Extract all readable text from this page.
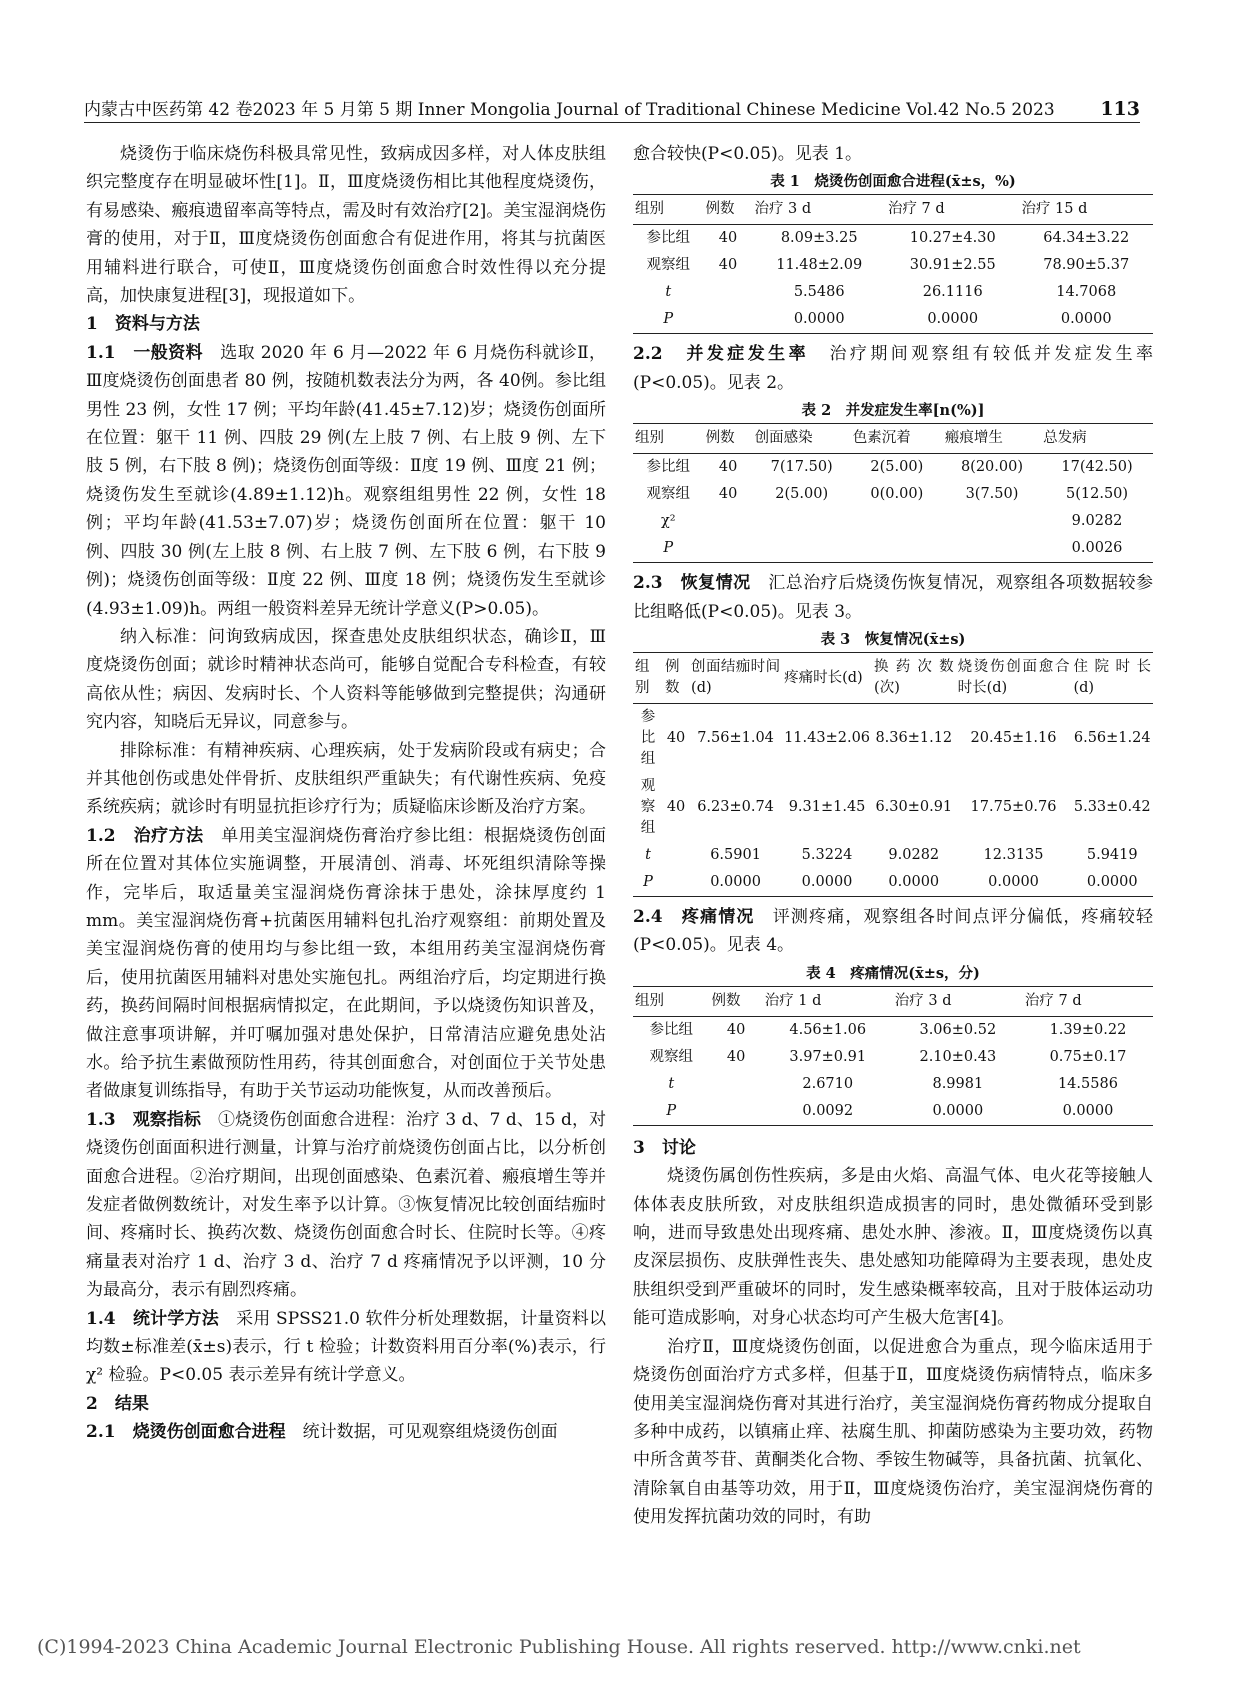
内蒙古中医药第 42 卷2023 年 5 月第 5 期 Inner Mongolia Journal of Traditional Chinese Medicine Vol.42 No.5 2023 113

烧烫伤于临床烧伤科极具常见性，致病成因多样，对人体皮肤组织完整度存在明显破坏性[1]。Ⅱ，Ⅲ度烧烫伤相比其他程度烧烫伤，有易感染、瘢痕遗留率高等特点，需及时有效治疗[2]。美宝湿润烧伤膏的使用，对于Ⅱ，Ⅲ度烧烫伤创面愈合有促进作用，将其与抗菌医用辅料进行联合，可使Ⅱ，Ⅲ度烧烫伤创面愈合时效性得以充分提高，加快康复进程[3]，现报道如下。

1　资料与方法

1.1　一般资料　 选取 2020 年 6 月—2022 年 6 月烧伤科就诊Ⅱ，Ⅲ度烧烫伤创面患者 80 例，按随机数表法分为两，各 40例。参比组男性 23 例，女性 17 例；平均年龄(41.45±7.12)岁；烧烫伤创面所在位置：躯干 11 例、四肢 29 例(左上肢 7 例、右上肢 9 例、左下肢 5 例，右下肢 8 例)；烧烫伤创面等级：Ⅱ度 19 例、Ⅲ度 21 例；烧烫伤发生至就诊(4.89±1.12)h。观察组组男性 22 例，女性 18 例；平均年龄(41.53±7.07)岁；烧烫伤创面所在位置：躯干 10 例、四肢 30 例(左上肢 8 例、右上肢 7 例、左下肢 6 例，右下肢 9 例)；烧烫伤创面等级：Ⅱ度 22 例、Ⅲ度 18 例；烧烫伤发生至就诊(4.93±1.09)h。两组一般资料差异无统计学意义(P>0.05)。

纳入标准：问询致病成因，探查患处皮肤组织状态，确诊Ⅱ，Ⅲ度烧烫伤创面；就诊时精神状态尚可，能够自觉配合专科检查，有较高依从性；病因、发病时长、个人资料等能够做到完整提供；沟通研究内容，知晓后无异议，同意参与。

排除标准：有精神疾病、心理疾病，处于发病阶段或有病史；合并其他创伤或患处伴骨折、皮肤组织严重缺失；有代谢性疾病、免疫系统疾病；就诊时有明显抗拒诊疗行为；质疑临床诊断及治疗方案。

1.2　治疗方法　 单用美宝湿润烧伤膏治疗参比组：根据烧烫伤创面所在位置对其体位实施调整，开展清创、消毒、坏死组织清除等操作，完毕后，取适量美宝湿润烧伤膏涂抹于患处，涂抹厚度约 1 mm。美宝湿润烧伤膏+抗菌医用辅料包扎治疗观察组：前期处置及美宝湿润烧伤膏的使用均与参比组一致，本组用药美宝湿润烧伤膏后，使用抗菌医用辅料对患处实施包扎。两组治疗后，均定期进行换药，换药间隔时间根据病情拟定，在此期间，予以烧烫伤知识普及，做注意事项讲解，并叮嘱加强对患处保护，日常清洁应避免患处沾水。给予抗生素做预防性用药，待其创面愈合，对创面位于关节处患者做康复训练指导，有助于关节运动功能恢复，从而改善预后。

1.3　观察指标　 ①烧烫伤创面愈合进程：治疗 3 d、7 d、15 d，对烧烫伤创面面积进行测量，计算与治疗前烧烫伤创面占比，以分析创面愈合进程。②治疗期间，出现创面感染、色素沉着、瘢痕增生等并发症者做例数统计，对发生率予以计算。③恢复情况比较创面结痂时间、疼痛时长、换药次数、烧烫伤创面愈合时长、住院时长等。④疼痛量表对治疗 1 d、治疗 3 d、治疗 7 d 疼痛情况予以评测，10 分为最高分，表示有剧烈疼痛。

1.4　统计学方法　 采用 SPSS21.0 软件分析处理数据，计量资料以均数±标准差(x̄±s)表示，行 t 检验；计数资料用百分率(%)表示，行 χ² 检验。P<0.05 表示差异有统计学意义。

2　结果

2.1　烧烫伤创面愈合进程　 统计数据，可见观察组烧烫伤创面

愈合较快(P<0.05)。见表 1。

表 1　烧烫伤创面愈合进程(x̄±s，%)

组别	例数	治疗 3 d	治疗 7 d	治疗 15 d
参比组	40	8.09±3.25	10.27±4.30	64.34±3.22
观察组	40	11.48±2.09	30.91±2.55	78.90±5.37
t		5.5486	26.1116	14.7068
P		0.0000	0.0000	0.0000

2.2　并发症发生率　 治疗期间观察组有较低并发症发生率(P<0.05)。见表 2。

表 2　并发症发生率[n(%)]

组别	例数	创面感染	色素沉着	瘢痕增生	总发病
参比组	40	7(17.50)	2(5.00)	8(20.00)	17(42.50)
观察组	40	2(5.00)	0(0.00)	3(7.50)	5(12.50)
χ²					9.0282
P					0.0026

2.3　恢复情况　 汇总治疗后烧烫伤恢复情况，观察组各项数据较参比组略低(P<0.05)。见表 3。

表 3　恢复情况(x̄±s)

组别	例数	创面结痂时间(d)	疼痛时长(d)	换药次数(次)	烧烫伤创面愈合时长(d)	住院时长(d)
参比组	40	7.56±1.04	11.43±2.06	8.36±1.12	20.45±1.16	6.56±1.24
观察组	40	6.23±0.74	9.31±1.45	6.30±0.91	17.75±0.76	5.33±0.42
t		6.5901	5.3224	9.0282	12.3135	5.9419
P		0.0000	0.0000	0.0000	0.0000	0.0000

2.4　疼痛情况　 评测疼痛，观察组各时间点评分偏低，疼痛较轻(P<0.05)。见表 4。

表 4　疼痛情况(x̄±s，分)

组别	例数	治疗 1 d	治疗 3 d	治疗 7 d
参比组	40	4.56±1.06	3.06±0.52	1.39±0.22
观察组	40	3.97±0.91	2.10±0.43	0.75±0.17
t		2.6710	8.9981	14.5586
P		0.0092	0.0000	0.0000

3　讨论

烧烫伤属创伤性疾病，多是由火焰、高温气体、电火花等接触人体体表皮肤所致，对皮肤组织造成损害的同时，患处微循环受到影响，进而导致患处出现疼痛、患处水肿、渗液。Ⅱ，Ⅲ度烧烫伤以真皮深层损伤、皮肤弹性丧失、患处感知功能障碍为主要表现，患处皮肤组织受到严重破坏的同时，发生感染概率较高，且对于肢体运动功能可造成影响，对身心状态均可产生极大危害[4]。

治疗Ⅱ，Ⅲ度烧烫伤创面，以促进愈合为重点，现今临床适用于烧烫伤创面治疗方式多样，但基于Ⅱ，Ⅲ度烧烫伤病情特点，临床多使用美宝湿润烧伤膏对其进行治疗，美宝湿润烧伤膏药物成分提取自多种中成药，以镇痛止痒、祛腐生肌、抑菌防感染为主要功效，药物中所含黄芩苷、黄酮类化合物、季铵生物碱等，具备抗菌、抗氧化、清除氧自由基等功效，用于Ⅱ，Ⅲ度烧烫伤治疗，美宝湿润烧伤膏的使用发挥抗菌功效的同时，有助

(C)1994-2023 China Academic Journal Electronic Publishing House. All rights reserved. http://www.cnki.net
